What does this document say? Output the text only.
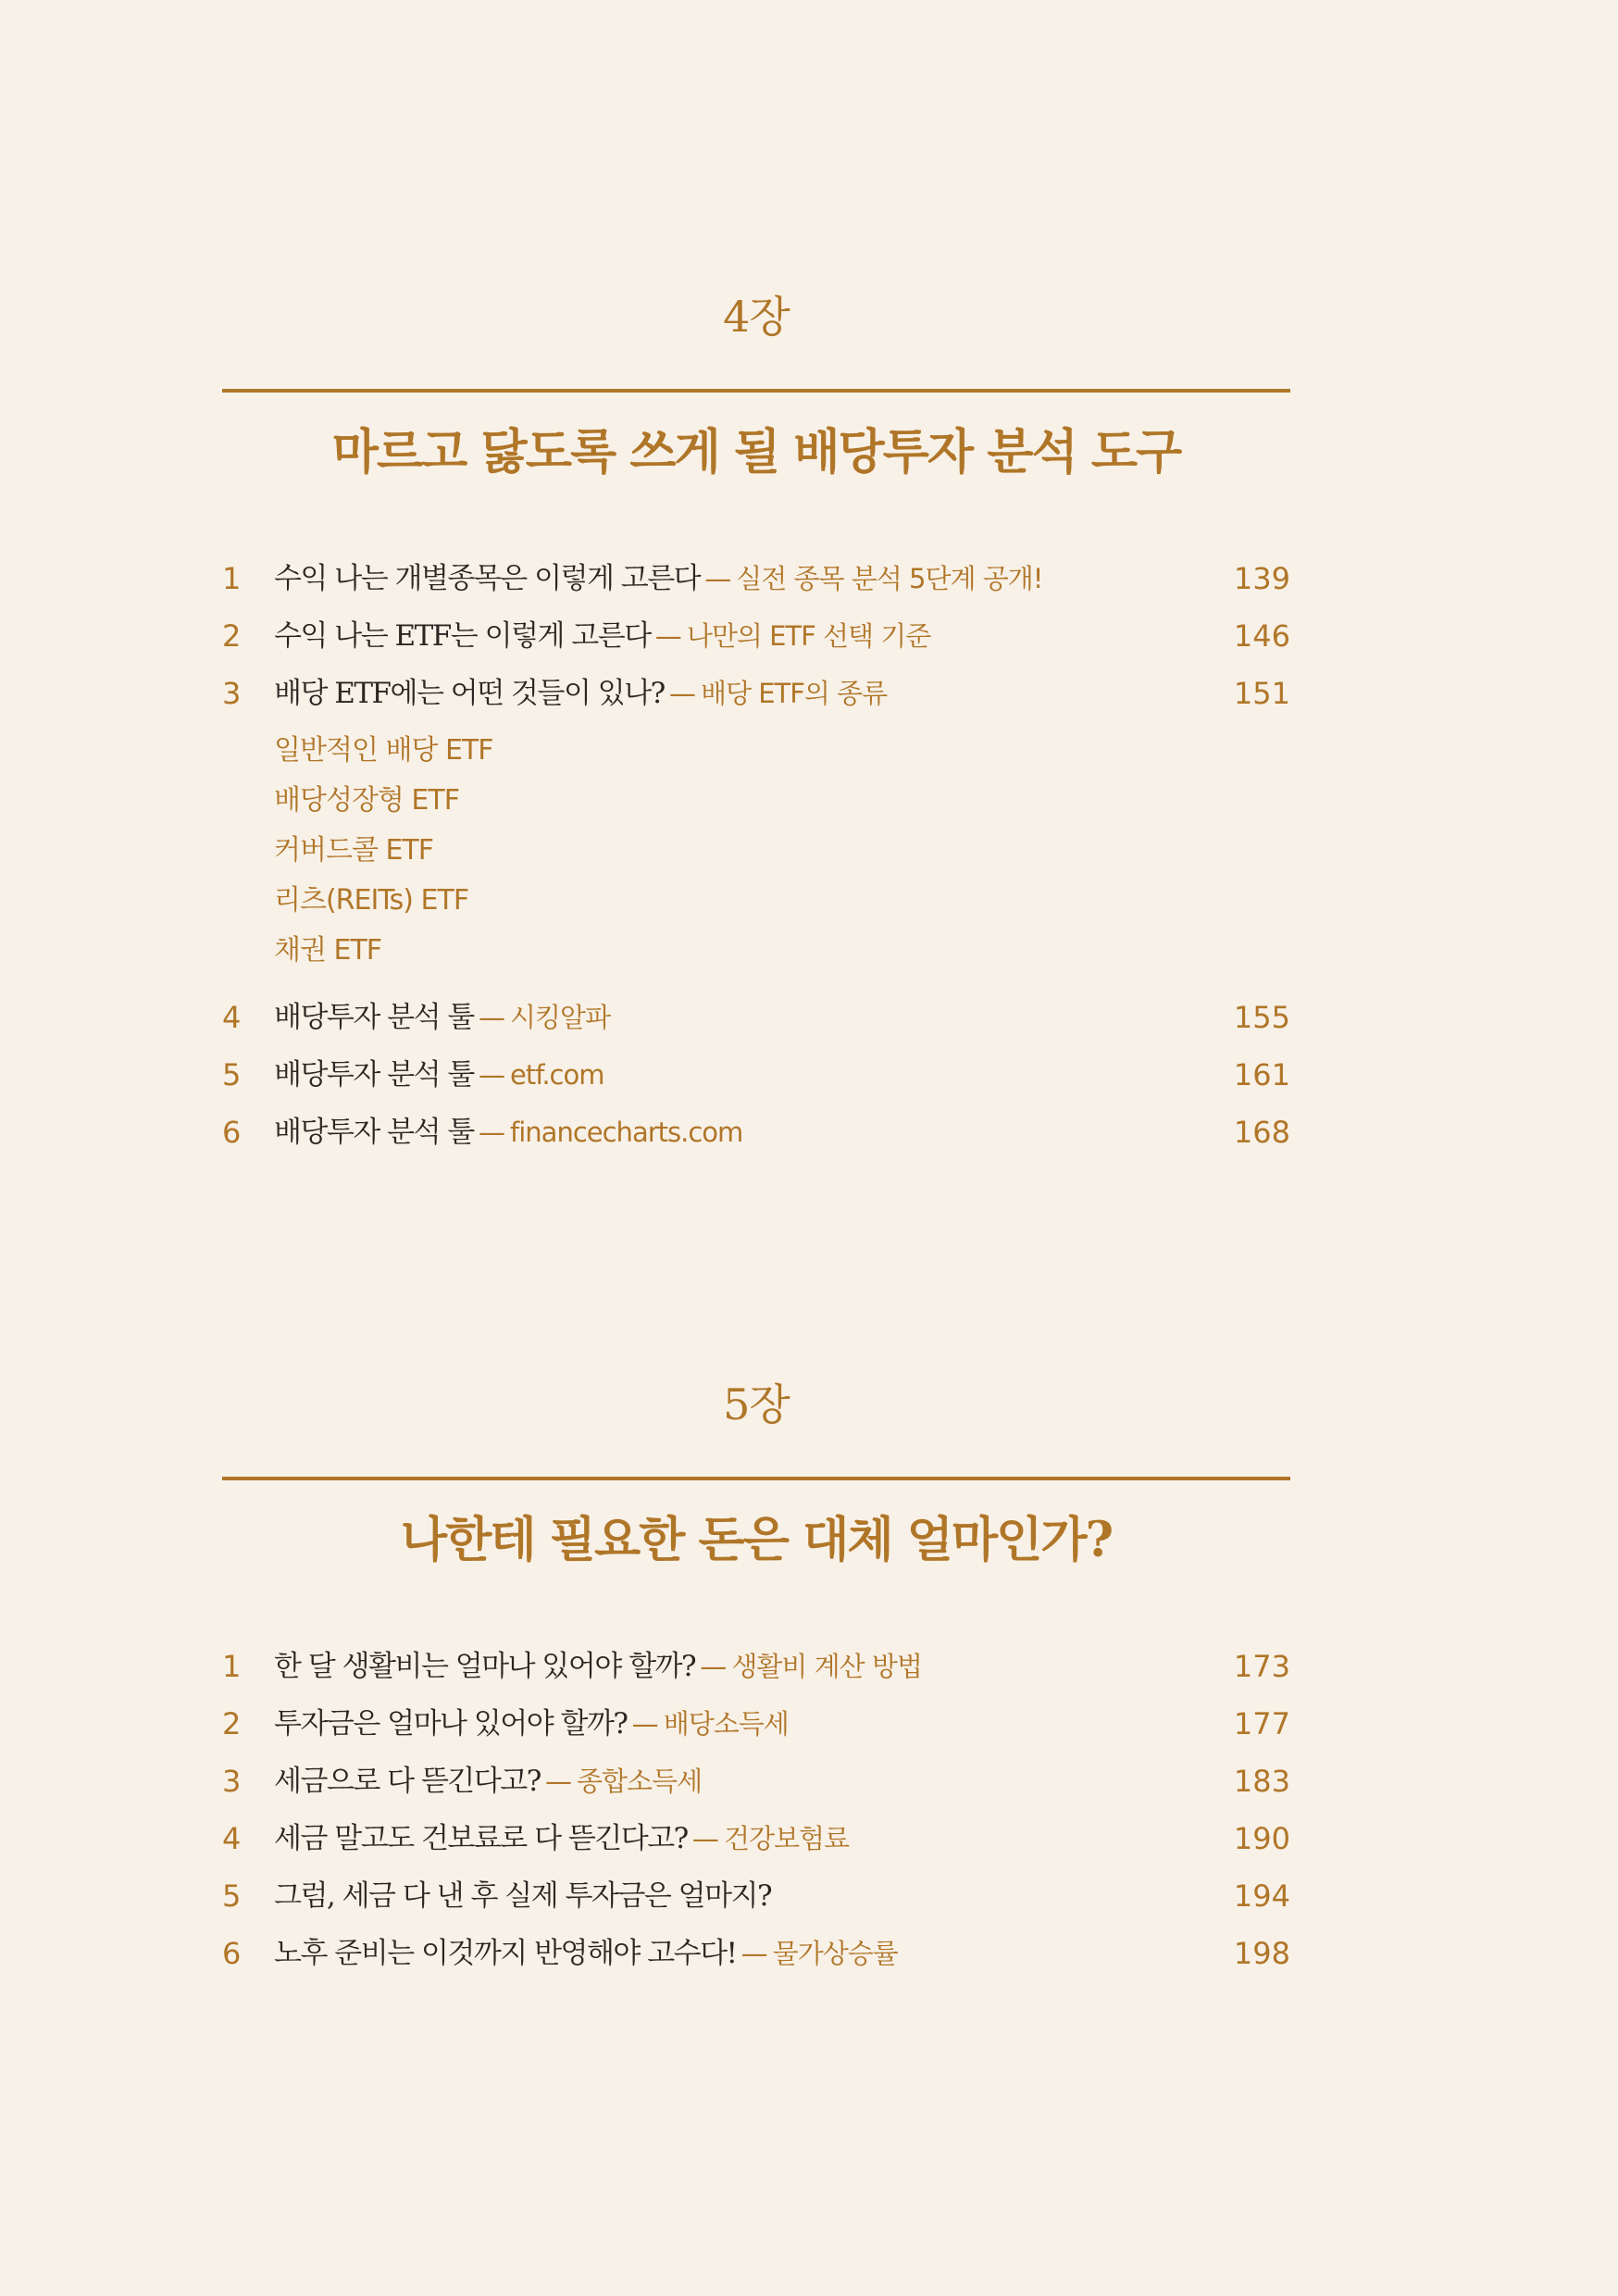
4장
마르고 닳도록 쓰게 될 배당투자 분석 도구
1 수익 나는 개별종목은 이렇게 고른다 — 실전 종목 분석 5단계 공개!	139
2 수익 나는 ETF는 이렇게 고른다 — 나만의 ETF 선택 기준	146
3 배당 ETF에는 어떤 것들이 있나? — 배당 ETF의 종류	151
일반적인 배당 ETF
배당성장형 ETF
커버드콜 ETF
리츠(REITs) ETF
채권 ETF
4 배당투자 분석 툴 — 시킹알파	155
5 배당투자 분석 툴 — etf.com	161
6 배당투자 분석 툴 — financecharts.com	168
5장
나한테 필요한 돈은 대체 얼마인가?
1 한 달 생활비는 얼마나 있어야 할까? — 생활비 계산 방법	173
2 투자금은 얼마나 있어야 할까? — 배당소득세	177
3 세금으로 다 뜯긴다고? — 종합소득세	183
4 세금 말고도 건보료로 다 뜯긴다고? — 건강보험료	190
5 그럼, 세금 다 낸 후 실제 투자금은 얼마지?	194
6 노후 준비는 이것까지 반영해야 고수다! — 물가상승률	198
